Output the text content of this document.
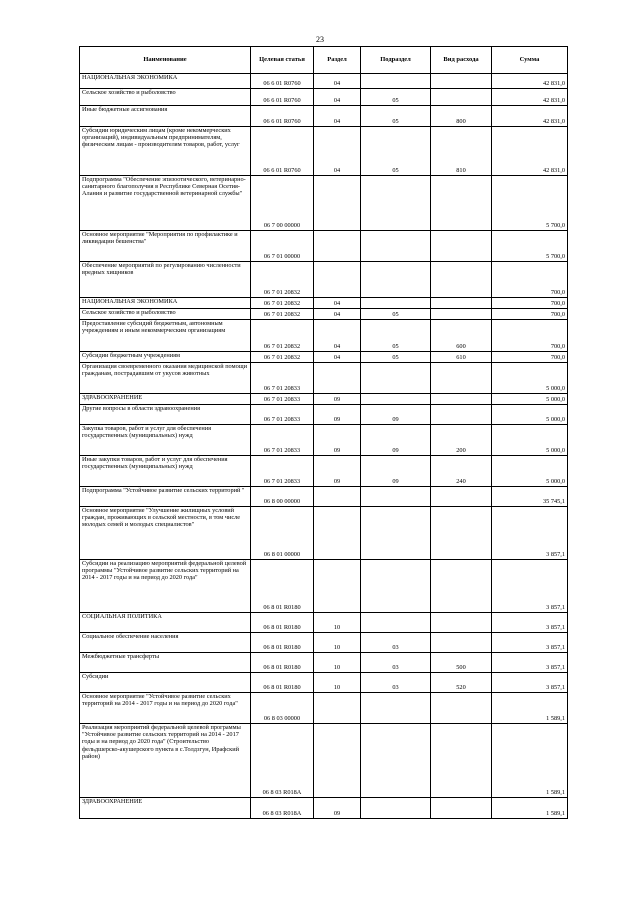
23
Наименование	Целевая статья	Раздел	Подраздел	Вид расхода	Сумма
НАЦИОНАЛЬНАЯ ЭКОНОМИКА	06 6 01 R0760	04			42 831,0
Сельское хозяйство и рыболовство	06 6 01 R0760	04	05		42 831,0
Иные бюджетные ассигнования	06 6 01 R0760	04	05	800	42 831,0
Субсидии юридическим лицам (кроме некоммерческих организаций), индивидуальным предпринимателям, физическим лицам - производителям товаров, работ, услуг	06 6 01 R0760	04	05	810	42 831,0
Подпрограмма "Обеспечение эпизоотического, ветеринарно-санитарного благополучия в Республике Северная Осетия-Алания и развитие государственной ветеринарной службы"	06 7 00 00000				5 700,0
Основное мероприятие "Мероприятия по профилактике и ликвидации бешенства"	06 7 01 00000				5 700,0
Обеспечение мероприятий по регулированию численности вредных хищников	06 7 01 20832				700,0
НАЦИОНАЛЬНАЯ ЭКОНОМИКА	06 7 01 20832	04			700,0
Сельское хозяйство и рыболовство	06 7 01 20832	04	05		700,0
Предоставление субсидий бюджетным, автономным учреждениям и иным некоммерческим организациям	06 7 01 20832	04	05	600	700,0
Субсидии бюджетным учреждениям	06 7 01 20832	04	05	610	700,0
Организация своевременного оказания медицинской помощи гражданам, пострадавшим от укусов животных	06 7 01 20833				5 000,0
ЗДРАВООХРАНЕНИЕ	06 7 01 20833	09			5 000,0
Другие вопросы в области здравоохранения	06 7 01 20833	09	09		5 000,0
Закупка товаров, работ и услуг для обеспечения государственных (муниципальных) нужд	06 7 01 20833	09	09	200	5 000,0
Иные закупки товаров, работ и услуг для обеспечения государственных (муниципальных) нужд	06 7 01 20833	09	09	240	5 000,0
Подпрограмма "Устойчивое развитие сельских территорий "	06 8 00 00000				35 745,1
Основное мероприятие "Улучшение жилищных условий граждан, проживающих в сельской местности, в том числе молодых семей и молодых специалистов"	06 8 01 00000				3 857,1
Субсидии на реализацию мероприятий федеральной целевой программы "Устойчивое развитие сельских территорий на 2014 - 2017 годы и на период до 2020 года"	06 8 01 R0180				3 857,1
СОЦИАЛЬНАЯ ПОЛИТИКА	06 8 01 R0180	10			3 857,1
Социальное обеспечение населения	06 8 01 R0180	10	03		3 857,1
Межбюджетные трансферты	06 8 01 R0180	10	03	500	3 857,1
Субсидии	06 8 01 R0180	10	03	520	3 857,1
Основное мероприятие "Устойчивое развитие сельских территорий на 2014 - 2017 годы и на период до 2020 года"	06 8 03 00000				1 589,1
Реализация мероприятий федеральной целевой программы "Устойчивое развитие сельских территорий на 2014 - 2017 годы и на период до 2020 года" (Строительство фельдшерско-акушерского пункта в с.Толдзгун, Ирафский район)	06 8 03 R018A				1 589,1
ЗДРАВООХРАНЕНИЕ	06 8 03 R018A	09			1 589,1
